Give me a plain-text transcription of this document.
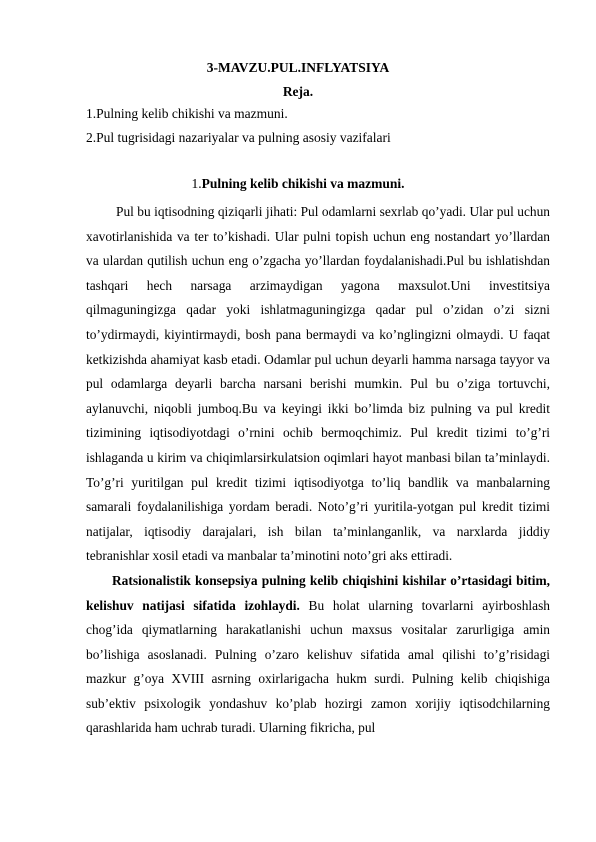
3-MAVZU.PUL.INFLYATSIYA
Reja.
1.Pulning kelib chikishi va mazmuni.
2.Pul tugrisidagi nazariyalar va pulning asosiy vazifalari
1.Pulning kelib chikishi va mazmuni.

Pul bu iqtisodning qiziqarli jihati: Pul odamlarni sexrlab qo’yadi. Ular pul uchun xavotirlanishida va ter to’kishadi. Ular pulni topish uchun eng nostandart yo’llardan va ulardan qutilish uchun eng o’zgacha yo’llardan foydalanishadi.Pul bu ishlatishdan tashqari hech narsaga arzimaydigan yagona maxsulot.Uni investitsiya qilmaguningizga qadar yoki ishlatmaguningizga qadar pul o’zidan o’zi sizni to’ydirmaydi, kiyintirmaydi, bosh pana bermaydi va ko’nglingizni olmaydi. U faqat ketkizishda ahamiyat kasb etadi. Odamlar pul uchun deyarli hamma narsaga tayyor va pul odamlarga deyarli barcha narsani berishi mumkin. Pul bu o’ziga tortuvchi, aylanuvchi, niqobli jumboq.Bu va keyingi ikki bo’limda biz pulning va pul kredit tizimining iqtisodiyotdagi o’rnini ochib bermoqchimiz. Pul kredit tizimi to’g’ri ishlaganda u kirim va chiqimlarsirkulatsion oqimlari hayot manbasi bilan ta’minlaydi. To’g’ri yuritilgan pul kredit tizimi iqtisodiyotga to’liq bandlik va manbalarning samarali foydalanilishiga yordam beradi. Noto’g’ri yuritila-yotgan pul kredit tizimi natijalar, iqtisodiy darajalari, ish bilan ta’minlanganlik, va narxlarda jiddiy tebranishlar xosil etadi va manbalar ta’minotini noto’gri aks ettiradi.

Ratsionalistik konsepsiya pulning kelib chiqishini kishilar o’rtasidagi bitim, kelishuv natijasi sifatida izohlaydi. Bu holat ularning tovarlarni ayirboshlash chog’ida qiymatlarning harakatlanishi uchun maxsus vositalar zarurligiga amin bo’lishiga asoslanadi. Pulning o’zaro kelishuv sifatida amal qilishi to’g’risidagi mazkur g’oya XVIII asrning oxirlarigacha hukm surdi. Pulning kelib chiqishiga sub’ektiv psixologik yondashuv ko’plab hozirgi zamon xorijiy iqtisodchilarning qarashlarida ham uchrab turadi. Ularning fikricha, pul
